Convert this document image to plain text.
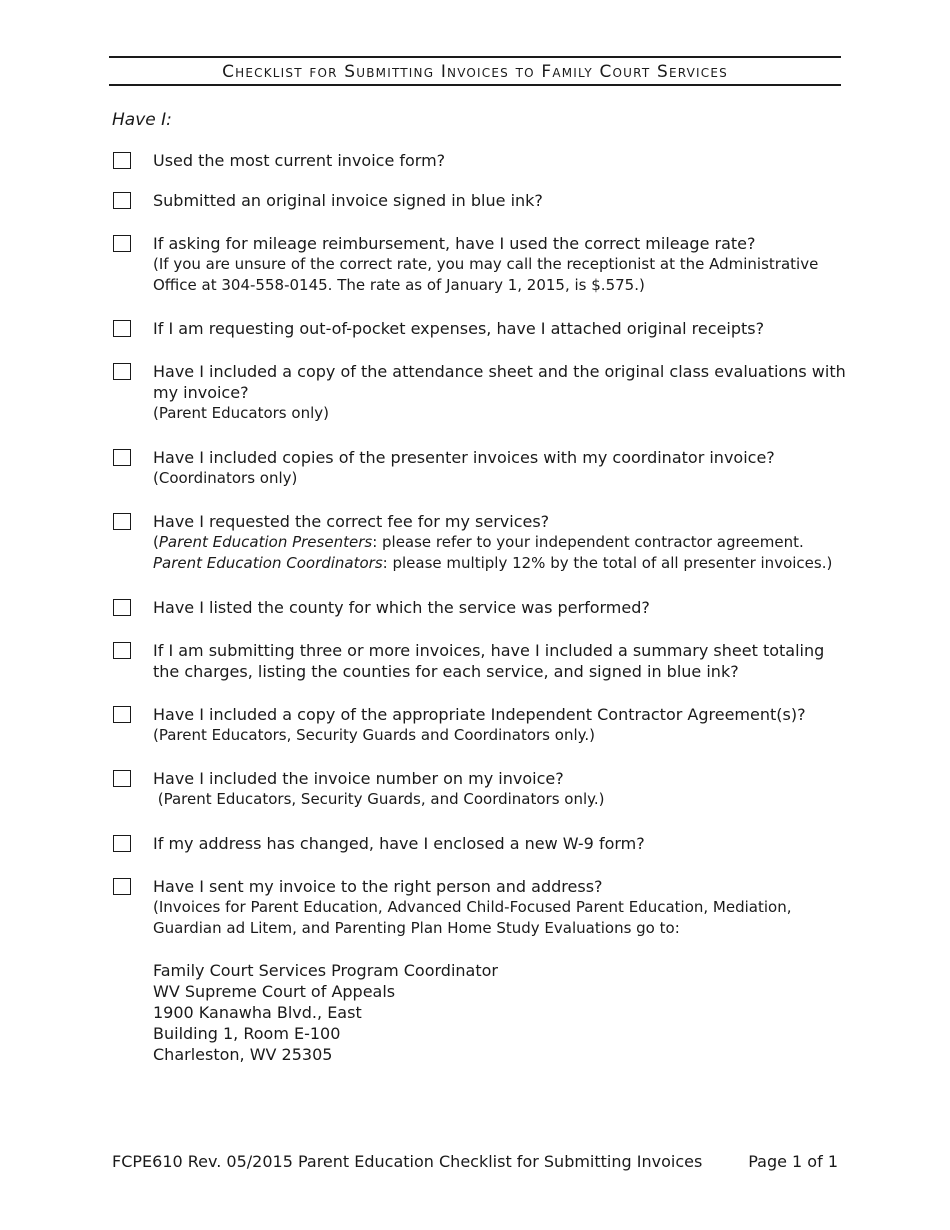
Checklist for Submitting Invoices to Family Court Services
Have I:
Used the most current invoice form?
Submitted an original invoice signed in blue ink?
If asking for mileage reimbursement, have I used the correct mileage rate?
(If you are unsure of the correct rate, you may call the receptionist at the Administrative Office at 304-558-0145. The rate as of January 1, 2015, is $.575.)
If I am requesting out-of-pocket expenses, have I attached original receipts?
Have I included a copy of the attendance sheet and the original class evaluations with my invoice?
(Parent Educators only)
Have I included copies of the presenter invoices with my coordinator invoice?
(Coordinators only)
Have I requested the correct fee for my services?
(Parent Education Presenters: please refer to your independent contractor agreement.
Parent Education Coordinators: please multiply 12% by the total of all presenter invoices.)
Have I listed the county for which the service was performed?
If I am submitting three or more invoices, have I included a summary sheet totaling the charges, listing the counties for each service, and signed in blue ink?
Have I included a copy of the appropriate Independent Contractor Agreement(s)?
(Parent Educators, Security Guards and Coordinators only.)
Have I included the invoice number on my invoice?
(Parent Educators, Security Guards, and Coordinators only.)
If my address has changed, have I enclosed a new W-9 form?
Have I sent my invoice to the right person and address?
(Invoices for Parent Education, Advanced Child-Focused Parent Education, Mediation, Guardian ad Litem, and Parenting Plan Home Study Evaluations go to:
Family Court Services Program Coordinator
WV Supreme Court of Appeals
1900 Kanawha Blvd., East
Building 1, Room E-100
Charleston, WV 25305
FCPE610 Rev. 05/2015 Parent Education Checklist for Submitting Invoices	Page 1 of 1
